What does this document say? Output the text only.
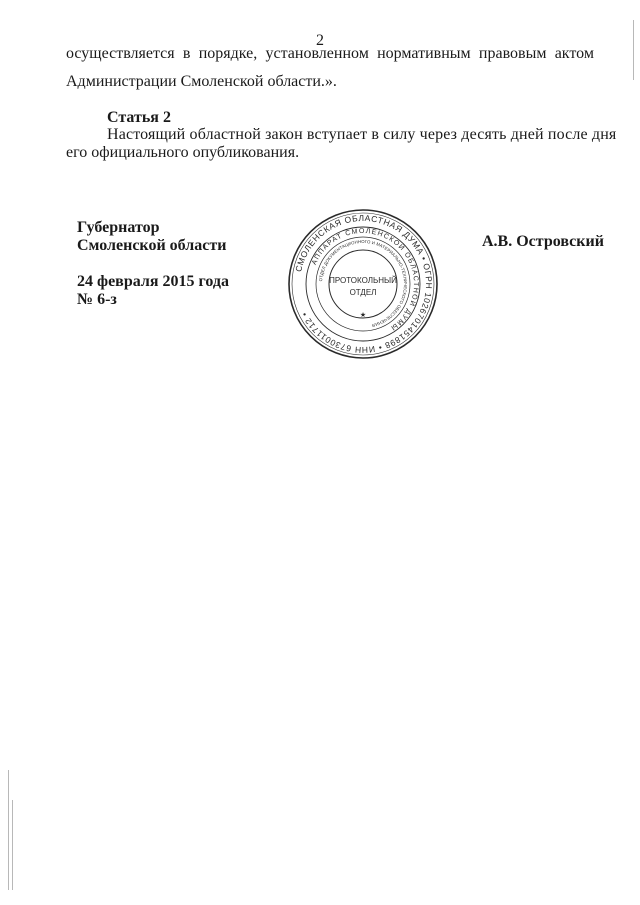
2
осуществляется в порядке, установленном нормативным правовым актом
Администрации Смоленской области.».
Статья 2
Настоящий областной закон вступает в силу через десять дней после дня
его официального опубликования.
Губернатор
Смоленской области	А.В. Островский
24 февраля 2015 года
№ 6-з
СМОЛЕНСКАЯ ОБЛАСТНАЯ ДУМА • ОГРН 1026701451898 • ИНН 6730011712 •
АППАРАТ СМОЛЕНСКОЙ ОБЛАСТНОЙ ДУМЫ
ОТДЕЛ ДОКУМЕНТАЦИОННОГО И МАТЕРИАЛЬНО-ТЕХНИЧЕСКОГО ОБЕСПЕЧЕНИЯ
ПРОТОКОЛЬНЫЙ
ОТДЕЛ
★
